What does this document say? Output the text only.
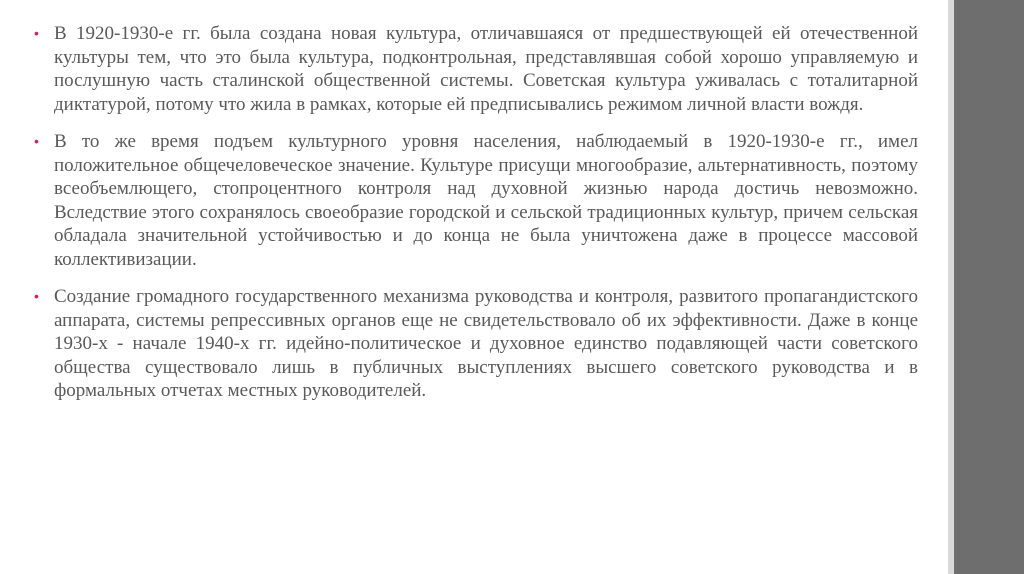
• В 1920-1930-е гг. была создана новая культура, отличавшаяся от предшествующей ей отечественной культуры тем, что это была культура, подконтрольная, представлявшая собой хорошо управляемую и послушную часть сталинской общественной системы. Советская культура уживалась с тоталитарной диктатурой, потому что жила в рамках, которые ей предписывались режимом личной власти вождя.

• В то же время подъем культурного уровня населения, наблюдаемый в 1920-1930-е гг., имел положительное общечеловеческое значение. Культуре присущи многообразие, альтернативность, поэтому всеобъемлющего, стопроцентного контроля над духовной жизнью народа достичь невозможно. Вследствие этого сохранялось своеобразие городской и сельской традиционных культур, причем сельская обладала значительной устойчивостью и до конца не была уничтожена даже в процессе массовой коллективизации.

• Создание громадного государственного механизма руководства и контроля, развитого пропагандистского аппарата, системы репрессивных органов еще не свидетельствовало об их эффективности. Даже в конце 1930-х - начале 1940-х гг. идейно-политическое и духовное единство подавляющей части советского общества существовало лишь в публичных выступлениях высшего советского руководства и в формальных отчетах местных руководителей.
